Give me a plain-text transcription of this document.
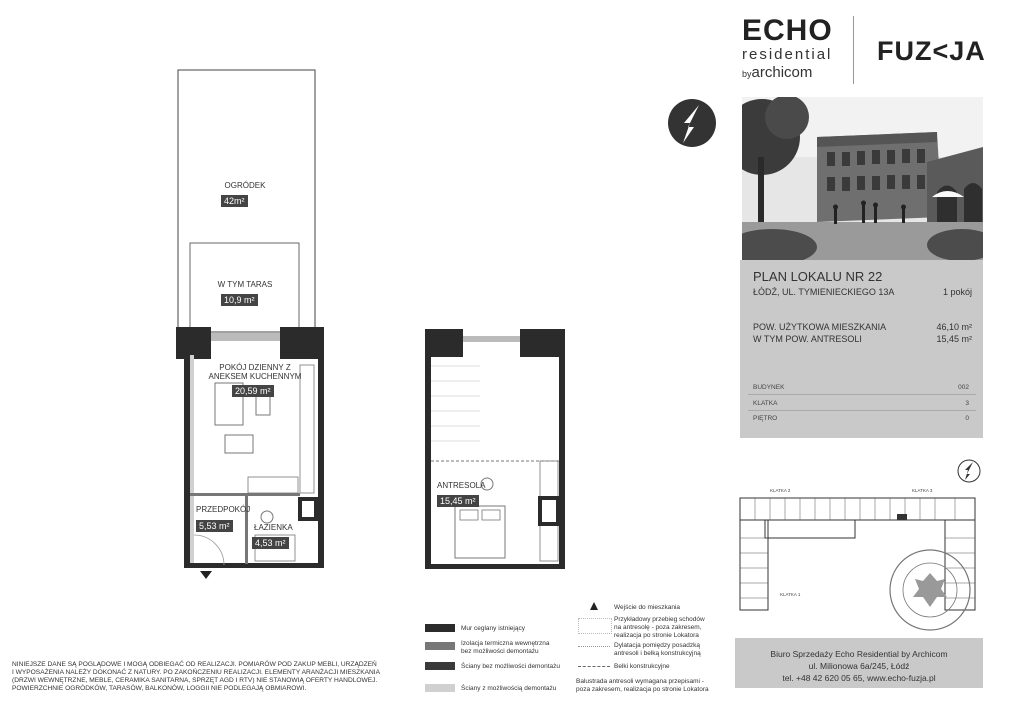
ECHO
residential
byarchicom
FUZ<JA
PLAN LOKALU NR 22
ŁÓDŹ, UL. TYMIENIECKIEGO 13A	1 pokój
POW. UŻYTKOWA MIESZKANIA	46,10 m²
W TYM POW. ANTRESOLI	15,45 m²
BUDYNEK	002
KLATKA	3
PIĘTRO	0
KLATKA 2	KLATKA 3
KLATKA 1
OGRÓDEK
42m²
W TYM TARAS
10,9 m²
POKÓJ DZIENNY Z
ANEKSEM KUCHENNYM
20,59 m²
PRZEDPOKÓJ
5,53 m²	ŁAZIENKA
4,53 m²
ANTRESOLA
15,45 m²
Wejście do mieszkania
Mur ceglany istniejący
Izolacja termiczna wewnętrzna
bez możliwości demontażu
Ściany bez możliwości demontażu
Ściany z możliwością demontażu
Przykładowy przebieg schodów
na antresolę - poza zakresem,
realizacja po stronie Lokatora
Dylatacja pomiędzy posadzką
antresoli i belką konstrukcyjną
Belki konstrukcyjne
Balustrada antresoli wymagana przepisami -
poza zakresem, realizacja po stronie Lokatora
NINIEJSZE DANE SĄ POGLĄDOWE I MOGĄ ODBIEGAĆ OD REALIZACJI. POMIARÓW POD ZAKUP MEBLI, URZĄDZEŃ
I WYPOSAŻENIA NALEŻY DOKONAĆ Z NATURY. PO ZAKOŃCZENIU REALIZACJI. ELEMENTY ARANŻACJI MIESZKANIA
(DRZWI WEWNĘTRZNE, MEBLE, CERAMIKA SANITARNA, SPRZĘT AGD I RTV) NIE STANOWIĄ OFERTY HANDLOWEJ.
POWIERZCHNIE OGRÓDKÓW, TARASÓW, BALKONÓW, LOGGII NIE PODLEGAJĄ OBMIAROWI.
Biuro Sprzedaży Echo Residential by Archicom
ul. Milionowa 6a/245, Łódź
tel. +48 42 620 05 65, www.echo-fuzja.pl
